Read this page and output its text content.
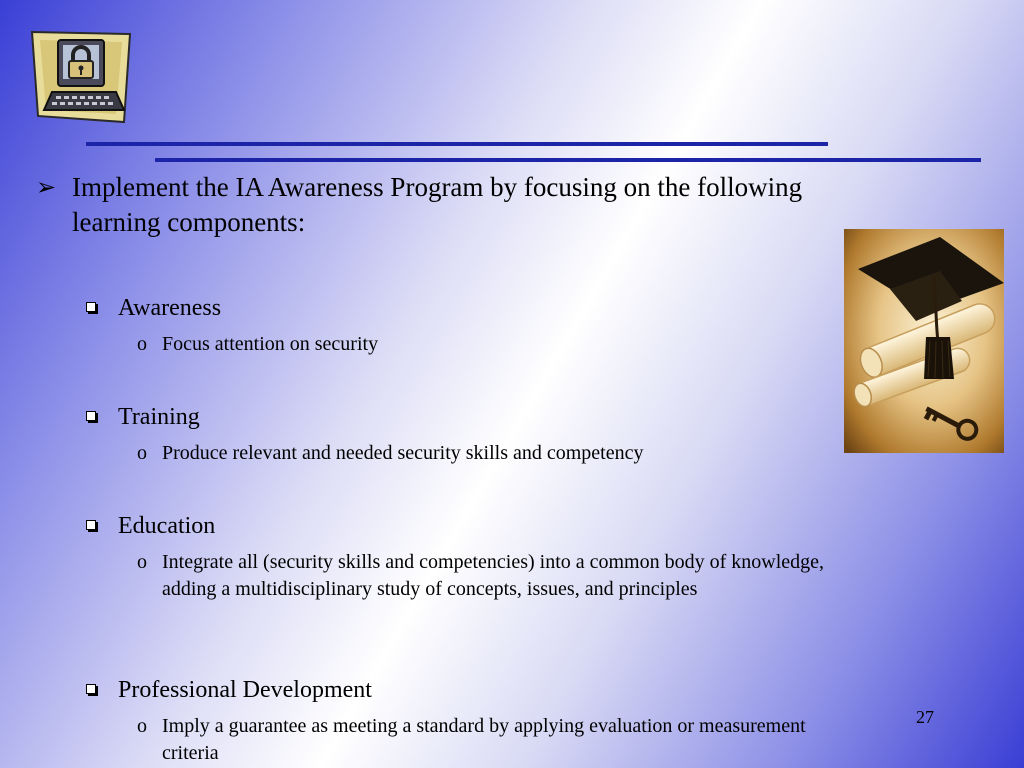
➢ Implement the IA Awareness Program by focusing on the following learning components:
Awareness
o Focus attention on security
Training
o Produce relevant and needed security skills and competency
Education
o Integrate all (security skills and competencies) into a common body of knowledge, adding a multidisciplinary study of concepts, issues, and principles
Professional Development
o Imply a guarantee as meeting a standard by applying evaluation or measurement criteria
27
